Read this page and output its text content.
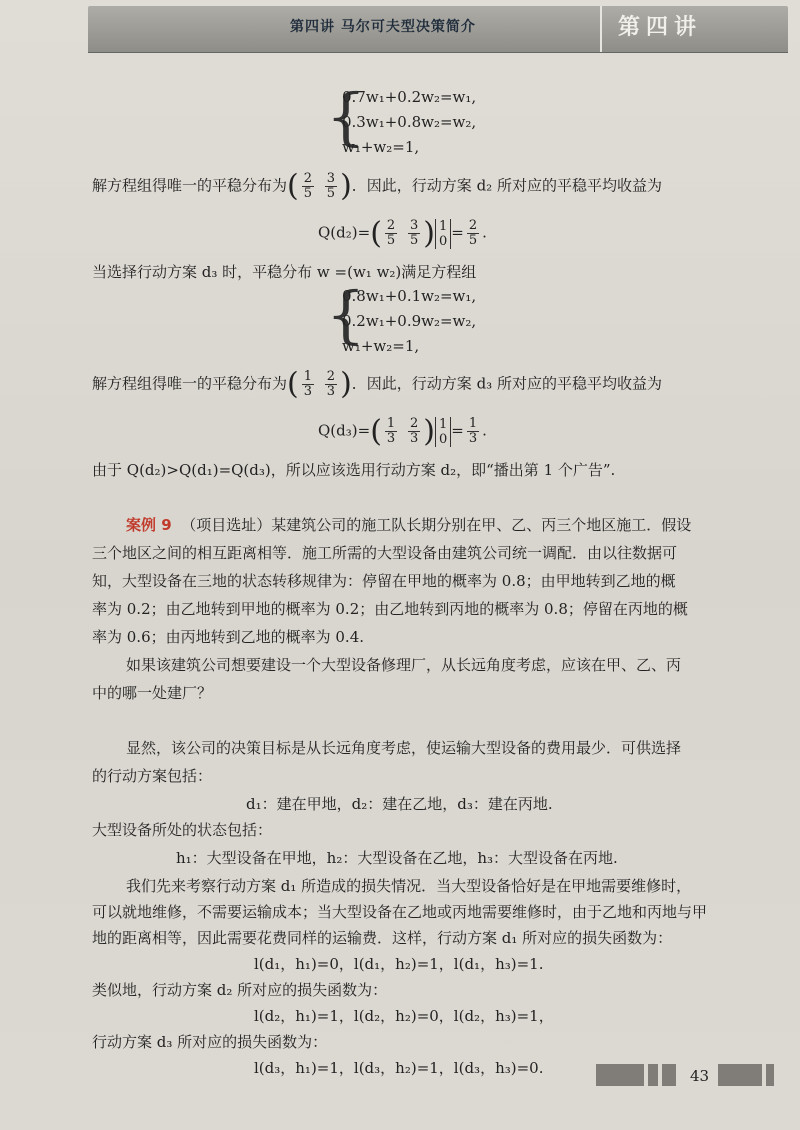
第四讲 马尔可夫型决策简介	第四讲
{
0.7w₁+0.2w₂=w₁,
0.3w₁+0.8w₂=w₂,
w₁+w₂=1,
解方程组得唯一的平稳分布为( $\frac{2}{5}$
$\frac{3}{5}$ )．因此，行动方案 d₂ 所对应的平稳平均收益为
$Q(d_2)=( \frac{2}{5}$
$\frac{3}{5}$ ) 1
$0 = \frac{2}{5}$ .
当选择行动方案 d₃ 时，平稳分布 w =(w₁ w₂)满足方程组
{
0.8w₁+0.1w₂=w₁,
0.2w₁+0.9w₂=w₂,
w₁+w₂=1,
解方程组得唯一的平稳分布为( $\frac{1}{3}$
$\frac{2}{3}$ )．因此，行动方案 d₃ 所对应的平稳平均收益为
$Q(d_3)=( \frac{1}{3}$
$\frac{2}{3}$ ) 1
$0 = \frac{1}{3}$ .
由于 Q(d₂)>Q(d₁)=Q(d₃)，所以应该选用行动方案 d₂，即“播出第 1 个广告”.
案例 9 （项目选址）某建筑公司的施工队长期分别在甲、乙、丙三个地区施工．假设
三个地区之间的相互距离相等．施工所需的大型设备由建筑公司统一调配．由以往数据可
知，大型设备在三地的状态转移规律为：停留在甲地的概率为 0.8；由甲地转到乙地的概
率为 0.2；由乙地转到甲地的概率为 0.2；由乙地转到丙地的概率为 0.8；停留在丙地的概
率为 0.6；由丙地转到乙地的概率为 0.4.
如果该建筑公司想要建设一个大型设备修理厂，从长远角度考虑，应该在甲、乙、丙
中的哪一处建厂？
显然，该公司的决策目标是从长远角度考虑，使运输大型设备的费用最少．可供选择
的行动方案包括：
d₁：建在甲地，d₂：建在乙地，d₃：建在丙地.
大型设备所处的状态包括：
h₁：大型设备在甲地，h₂：大型设备在乙地，h₃：大型设备在丙地.
我们先来考察行动方案 d₁ 所造成的损失情况．当大型设备恰好是在甲地需要维修时，
可以就地维修，不需要运输成本；当大型设备在乙地或丙地需要维修时，由于乙地和丙地与甲
地的距离相等，因此需要花费同样的运输费．这样，行动方案 d₁ 所对应的损失函数为：
l(d₁，h₁)=0，l(d₁，h₂)=1，l(d₁，h₃)=1.
类似地，行动方案 d₂ 所对应的损失函数为：
l(d₂，h₁)=1，l(d₂，h₂)=0，l(d₂，h₃)=1，
行动方案 d₃ 所对应的损失函数为：
l(d₃，h₁)=1，l(d₃，h₂)=1，l(d₃，h₃)=0.	43
